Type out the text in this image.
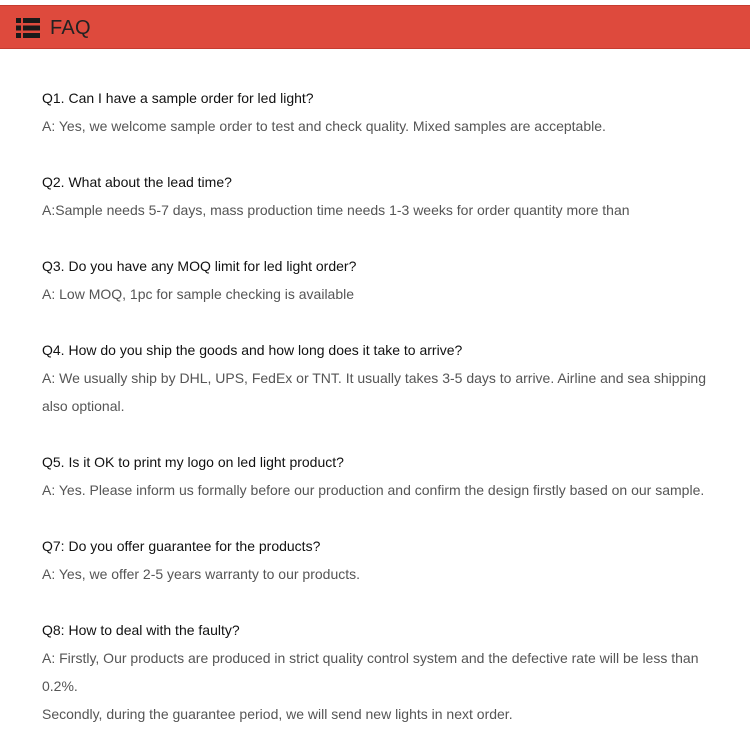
FAQ
Q1. Can I have a sample order for led light?
A: Yes, we welcome sample order to test and check quality. Mixed samples are acceptable.
Q2. What about the lead time?
A:Sample needs 5-7 days, mass production time needs 1-3 weeks for order quantity more than
Q3. Do you have any MOQ limit for led light order?
A: Low MOQ, 1pc for sample checking is available
Q4. How do you ship the goods and how long does it take to arrive?
A: We usually ship by DHL, UPS, FedEx or TNT. It usually takes 3-5 days to arrive. Airline and sea shipping also optional.
Q5. Is it OK to print my logo on led light product?
A: Yes. Please inform us formally before our production and confirm the design firstly based on our sample.
Q7: Do you offer guarantee for the products?
A: Yes, we offer 2-5 years warranty to our products.
Q8: How to deal with the faulty?
A: Firstly, Our products are produced in strict quality control system and the defective rate will be less than 0.2%.
Secondly, during the guarantee period, we will send new lights in next order.
